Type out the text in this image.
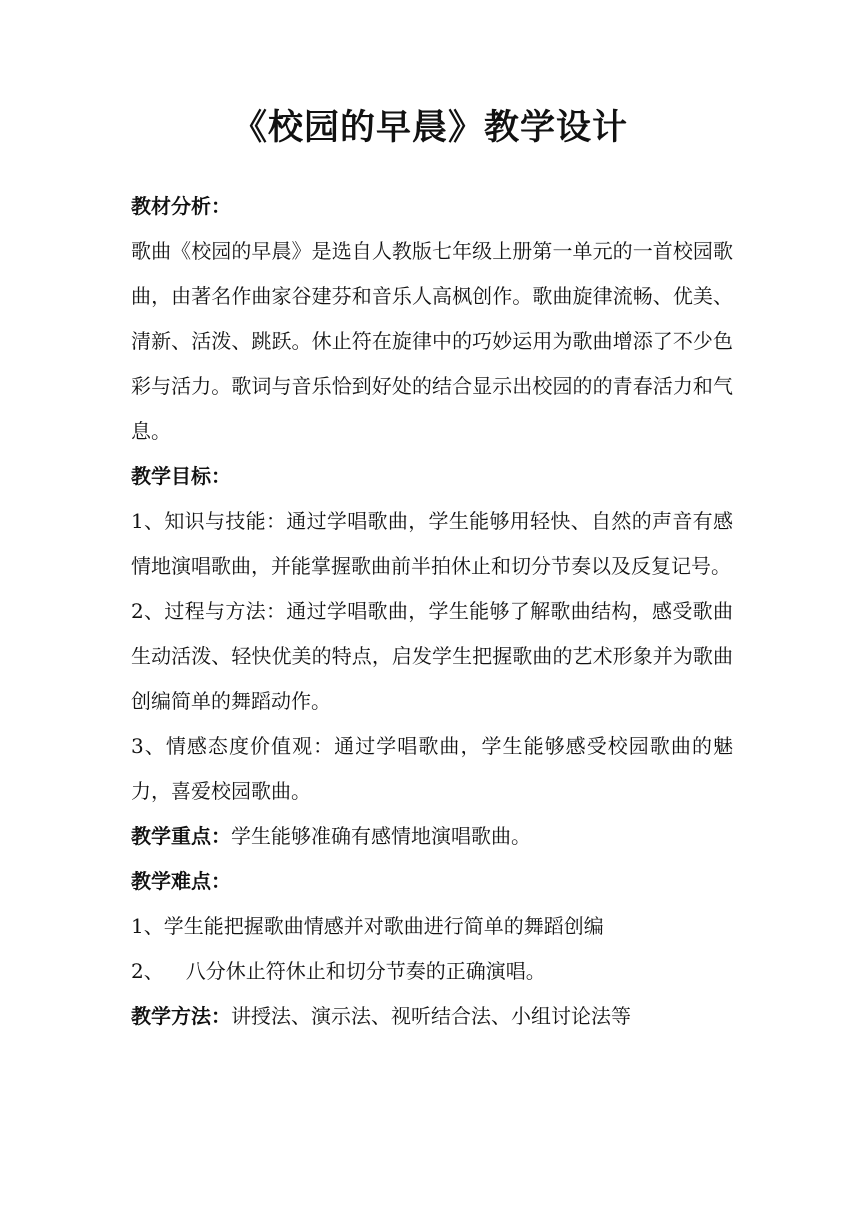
《校园的早晨》教学设计

教材分析：

歌曲《校园的早晨》是选自人教版七年级上册第一单元的一首校园歌曲，由著名作曲家谷建芬和音乐人高枫创作。歌曲旋律流畅、优美、清新、活泼、跳跃。休止符在旋律中的巧妙运用为歌曲增添了不少色彩与活力。歌词与音乐恰到好处的结合显示出校园的的青春活力和气息。

教学目标：

1、知识与技能：通过学唱歌曲，学生能够用轻快、自然的声音有感情地演唱歌曲，并能掌握歌曲前半拍休止和切分节奏以及反复记号。

2、过程与方法：通过学唱歌曲，学生能够了解歌曲结构，感受歌曲生动活泼、轻快优美的特点，启发学生把握歌曲的艺术形象并为歌曲创编简单的舞蹈动作。

3、情感态度价值观：通过学唱歌曲，学生能够感受校园歌曲的魅力，喜爱校园歌曲。

教学重点：学生能够准确有感情地演唱歌曲。

教学难点：

1、学生能把握歌曲情感并对歌曲进行简单的舞蹈创编

2、 八分休止符休止和切分节奏的正确演唱。

教学方法：讲授法、演示法、视听结合法、小组讨论法等
